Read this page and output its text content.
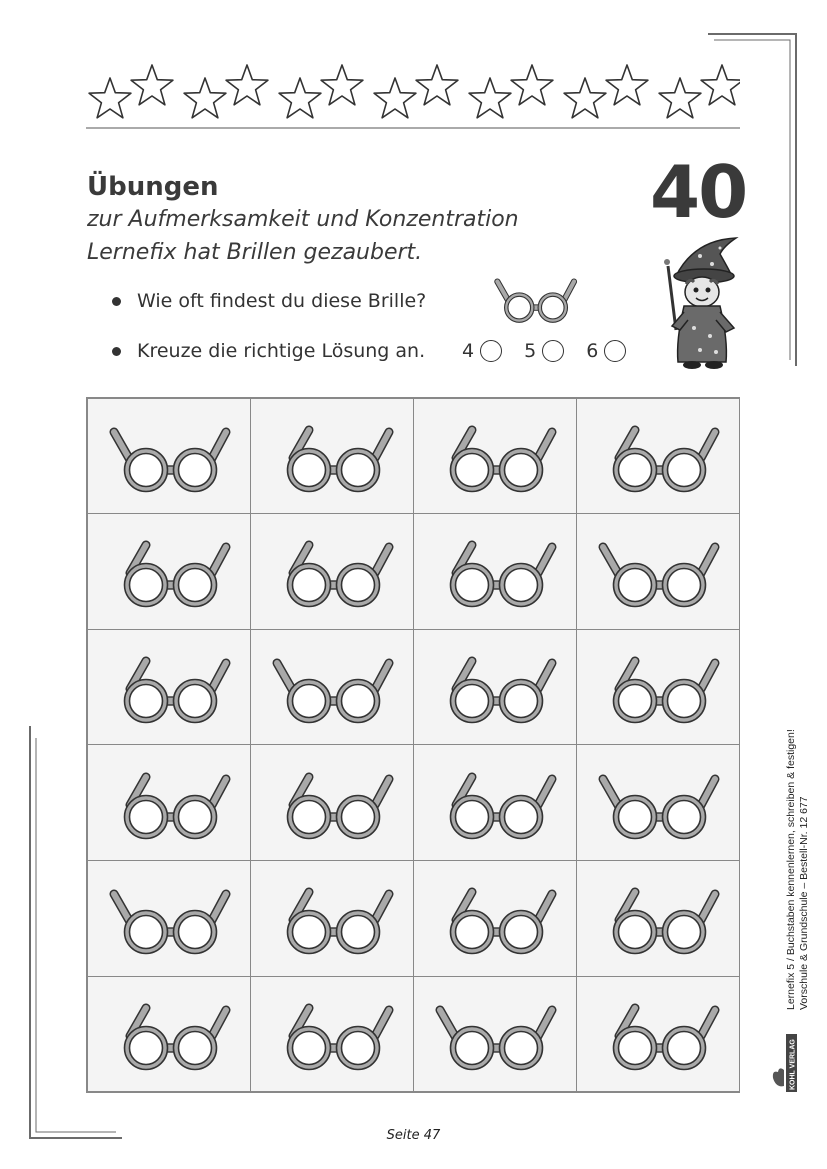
Übungen
zur Aufmerksamkeit und Konzentration
Lernefix hat Brillen gezaubert.
40
Wie oft findest du diese Brille?
Kreuze die richtige Lösung an. 4	5	6
Lernefix 5 / Buchstaben kennenlernen, schreiben & festigen! Vorschule & Grundschule – Bestell-Nr. 12 677
KOHL VERLAG
Seite 47
